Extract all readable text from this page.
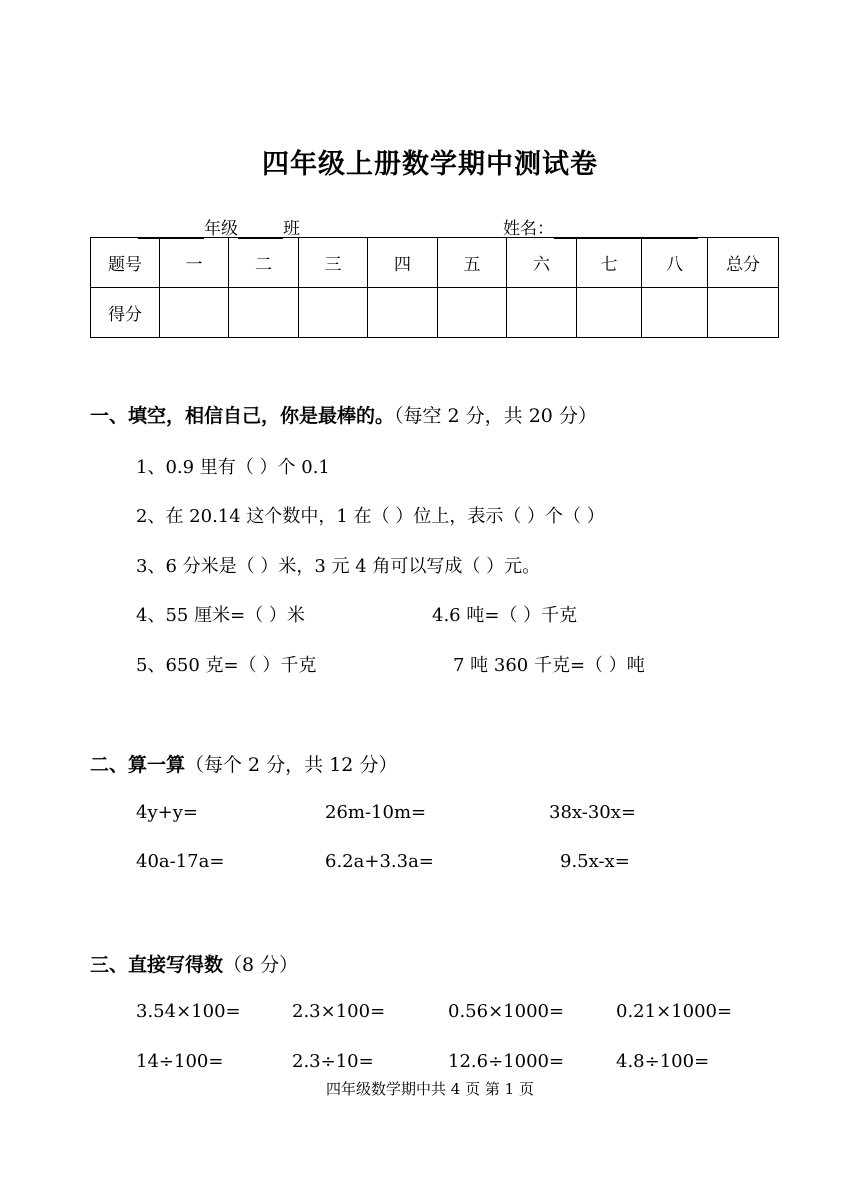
四年级上册数学期中测试卷
年级	班	姓名：
题号	一	二	三	四	五	六	七	八	总分
得分									
一、填空，相信自己，你是最棒的。（每空 2 分，共 20 分）
1、0.9 里有（ ）个 0.1
2、在 20.14 这个数中，1 在（ ）位上，表示（ ）个（ ）
3、6 分米是（ ）米，3 元 4 角可以写成（ ）元。
4、55 厘米=（ ）米	4.6 吨=（ ）千克
5、650 克=（ ）千克	7 吨 360 千克=（ ）吨
二、算一算（每个 2 分，共 12 分）
4y+y=	26m-10m=	38x-30x=
40a-17a=	6.2a+3.3a=	9.5x-x=
三、直接写得数（8 分）
3.54×100=	2.3×100=	0.56×1000=	0.21×1000=
14÷100=	2.3÷10=	12.6÷1000=	4.8÷100=
四年级数学期中共 4 页 第 1 页
